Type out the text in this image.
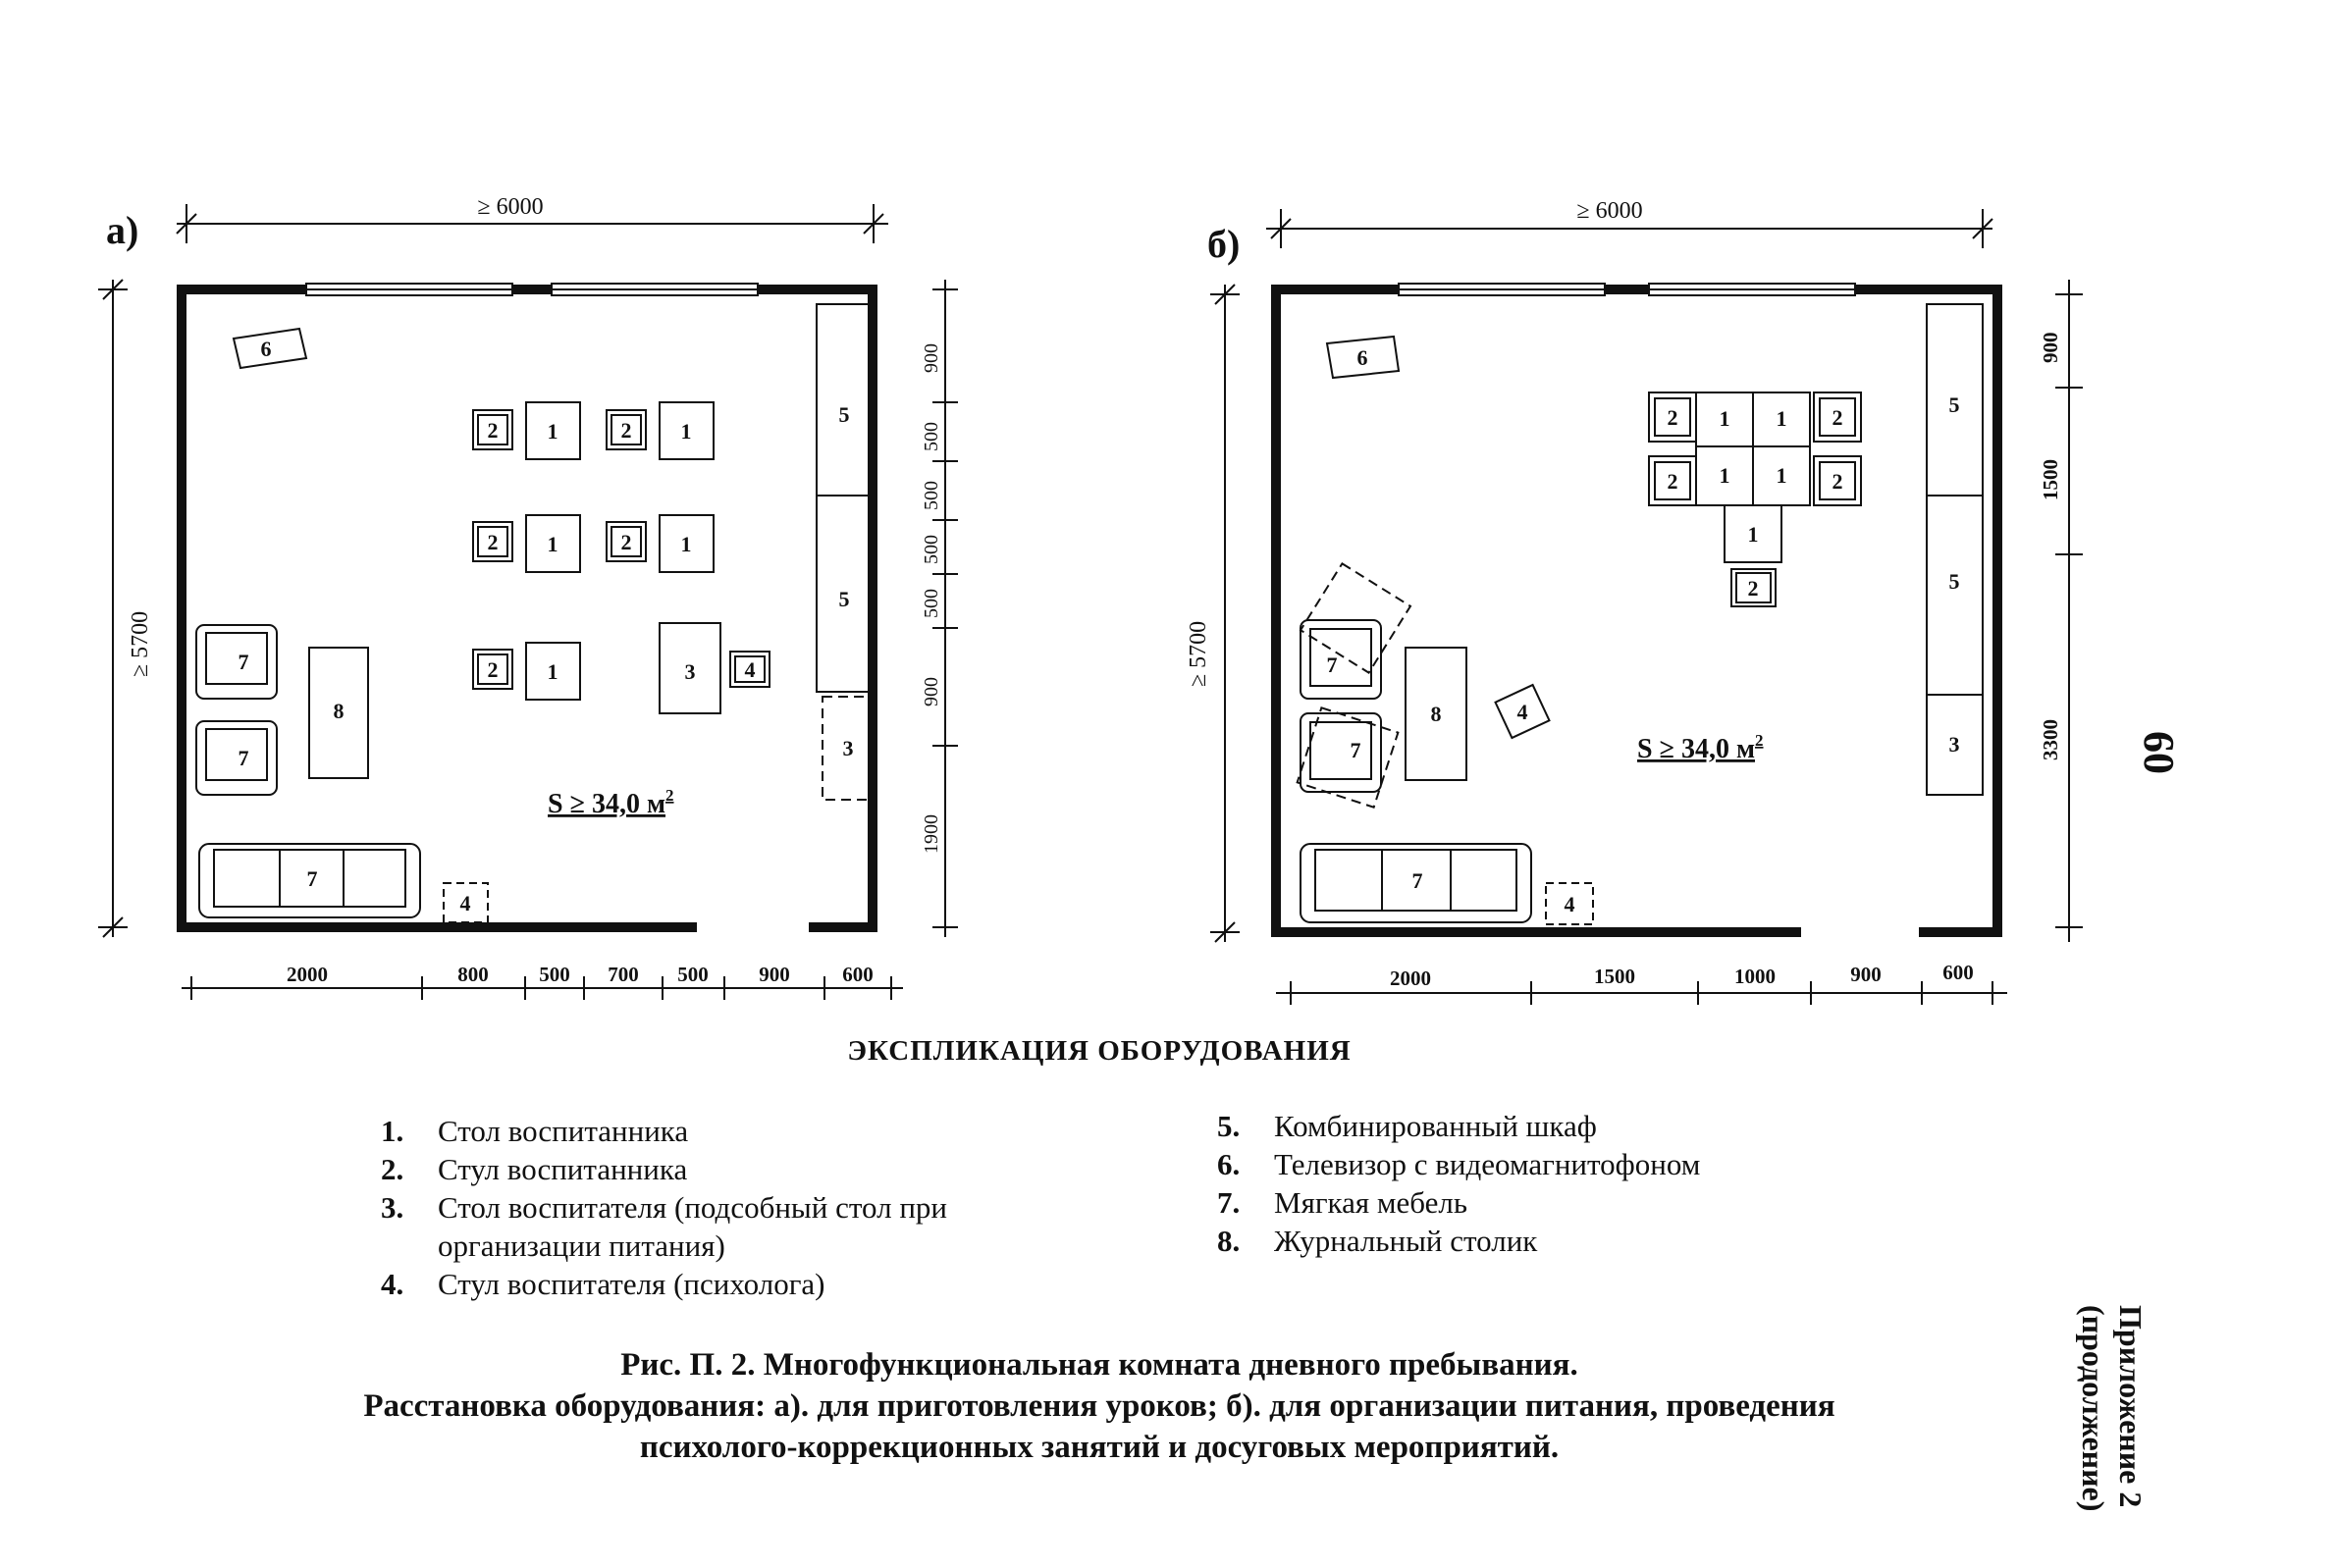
а)
≥ 6000
≥ 5700
900
500
500
500
500
900
1900
2000	800 500 700 500 900	600
6
5
5
3
2 1	2 1
2 1	2 1
2 1	3 4
7
7
8
7
4
S ≥ 34,0 $м^2$
б)
≥ 6000
≥ 5700
900
1500
3300
2000	1500	1000	900	600
6
5
5
3
2 1 1 2
2 1 1 2
1
2
7
7
8	4
7
4
S ≥ 34,0 $м^2$
ЭКСПЛИКАЦИЯ ОБОРУДОВАНИЯ
1.	Стол воспитанника
2.	Стул воспитанника
3.	Стол воспитателя (подсобный стол при
организации питания)
4.	Стул воспитателя (психолога)
5.	Комбинированный шкаф
6.	Телевизор с видеомагнитофоном
7.	Мягкая мебель
8.	Журнальный столик
Рис. П. 2. Многофункциональная комната дневного пребывания.
Расстановка оборудования: а). для приготовления уроков; б). для организации питания, проведения
психолого-коррекционных занятий и досуговых мероприятий.
60
Приложение 2
(продолжение)
